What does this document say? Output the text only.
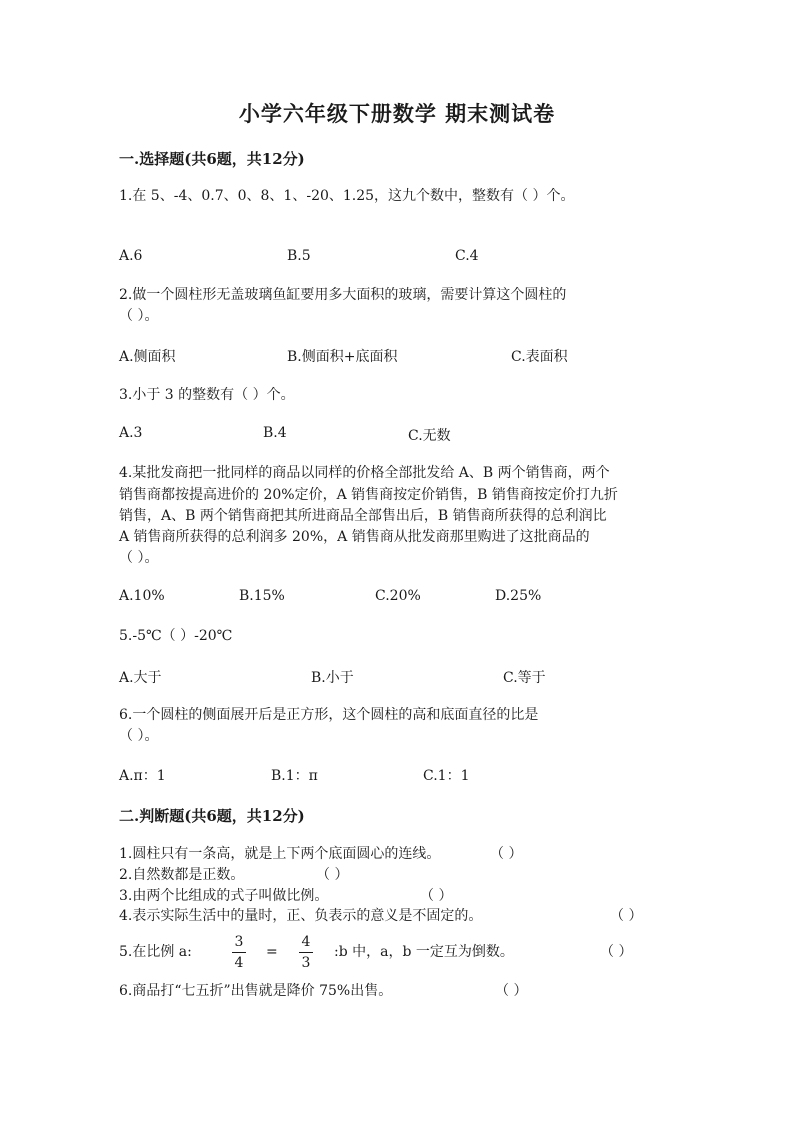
小学六年级下册数学 期末测试卷
一.选择题(共6题，共12分)
1.在 5、-4、0.7、0、8、1、-20、1.25，这九个数中，整数有（ ）个。
A.6	B.5	C.4
2.做一个圆柱形无盖玻璃鱼缸要用多大面积的玻璃，需要计算这个圆柱的
（ ）。
A.侧面积	B.侧面积+底面积	C.表面积
3.小于 3 的整数有（ ）个。
A.3	B.4	C.无数
4.某批发商把一批同样的商品以同样的价格全部批发给 A、B 两个销售商，两个
销售商都按提高进价的 20%定价，A 销售商按定价销售，B 销售商按定价打九折
销售，A、B 两个销售商把其所进商品全部售出后，B 销售商所获得的总利润比
A 销售商所获得的总利润多 20%，A 销售商从批发商那里购进了这批商品的
（ ）。
A.10%	B.15%	C.20%	D.25%
5.-5℃（ ）-20℃
A.大于	B.小于	C.等于
6.一个圆柱的侧面展开后是正方形，这个圆柱的高和底面直径的比是
（ ）。
A.π：1	B.1：π	C.1：1
二.判断题(共6题，共12分)
1.圆柱只有一条高，就是上下两个底面圆心的连线。	（ ）
2.自然数都是正数。	（ ）
3.由两个比组成的式子叫做比例。	（ ）
4.表示实际生活中的量时，正、负表示的意义是不固定的。	（ ）
5.在比例 a:
3
4
=
4
3
:b 中，a，b 一定互为倒数。	（ ）
6.商品打“七五折”出售就是降价 75%出售。	（ ）
